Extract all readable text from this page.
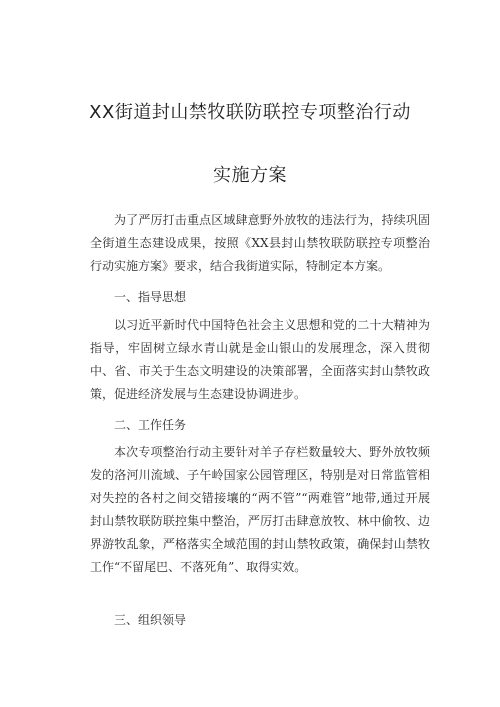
XX街道封山禁牧联防联控专项整治行动
实施方案

为了严厉打击重点区域肆意野外放牧的违法行为，持续巩固全街道生态建设成果，按照《XX县封山禁牧联防联控专项整治行动实施方案》要求，结合我街道实际，特制定本方案。

一、指导思想

以习近平新时代中国特色社会主义思想和党的二十大精神为指导，牢固树立绿水青山就是金山银山的发展理念，深入贯彻中、省、市关于生态文明建设的决策部署，全面落实封山禁牧政策，促进经济发展与生态建设协调进步。

二、工作任务

本次专项整治行动主要针对羊子存栏数量较大、野外放牧频发的洛河川流域、子午岭国家公园管理区，特别是对日常监管相对失控的各村之间交错接壤的“两不管”“两难管”地带,通过开展封山禁牧联防联控集中整治，严厉打击肆意放牧、林中偷牧、边界游牧乱象，严格落实全域范围的封山禁牧政策，确保封山禁牧工作“不留尾巴、不落死角”、取得实效。

三、组织领导
